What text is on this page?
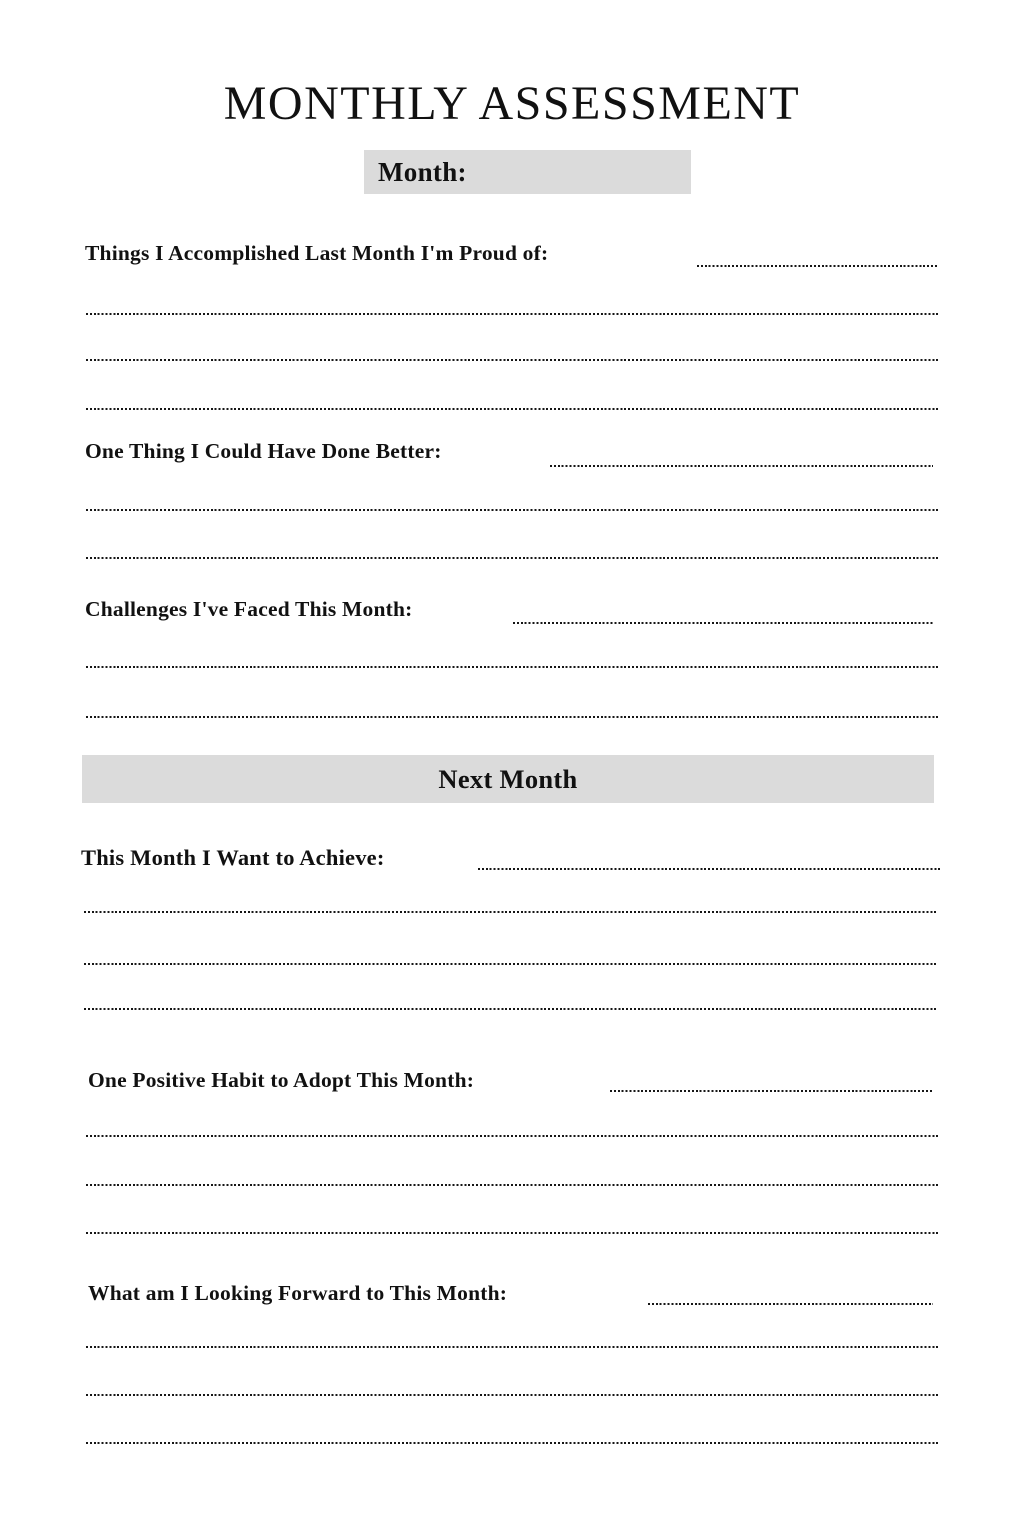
MONTHLY ASSESSMENT
Month:
Things I Accomplished Last Month I'm Proud of:
One Thing I Could Have Done Better:
Challenges I've Faced This Month:
Next Month
This Month I Want to Achieve:
One Positive Habit to Adopt This Month:
What am I Looking Forward to This Month:
